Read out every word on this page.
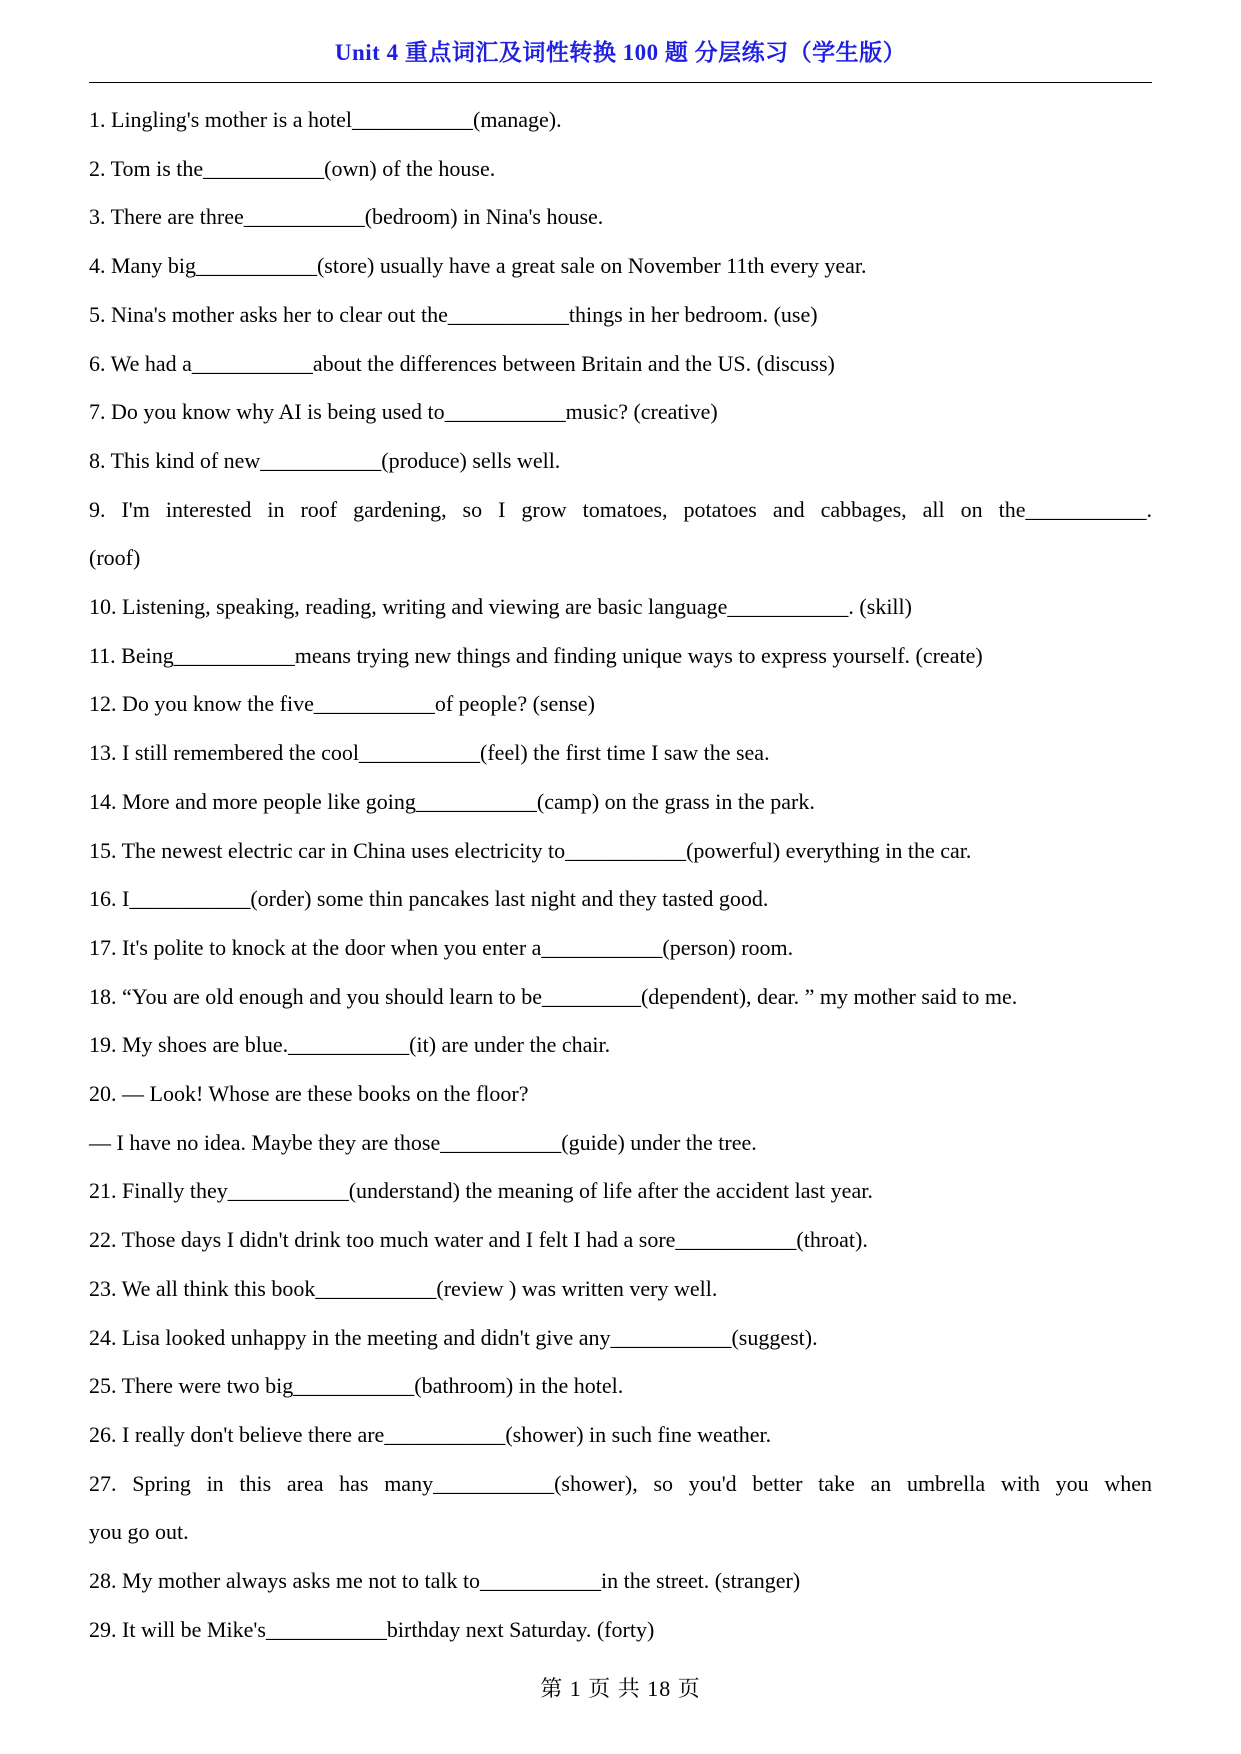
Unit 4 重点词汇及词性转换 100 题 分层练习（学生版）
1. Lingling's mother is a hotel___________(manage).
2. Tom is the___________(own) of the house.
3. There are three___________(bedroom) in Nina's house.
4. Many big___________(store) usually have a great sale on November 11th every year.
5. Nina's mother asks her to clear out the___________things in her bedroom. (use)
6. We had a___________about the differences between Britain and the US. (discuss)
7. Do you know why AI is being used to___________music? (creative)
8. This kind of new___________(produce) sells well.
9. I'm interested in roof gardening, so I grow tomatoes, potatoes and cabbages, all on the___________.
(roof)
10. Listening, speaking, reading, writing and viewing are basic language___________. (skill)
11. Being___________means trying new things and finding unique ways to express yourself. (create)
12. Do you know the five___________of people? (sense)
13. I still remembered the cool___________(feel) the first time I saw the sea.
14. More and more people like going___________(camp) on the grass in the park.
15. The newest electric car in China uses electricity to___________(powerful) everything in the car.
16. I___________(order) some thin pancakes last night and they tasted good.
17. It's polite to knock at the door when you enter a___________(person) room.
18. “You are old enough and you should learn to be_________(dependent), dear. ” my mother said to me.
19. My shoes are blue.___________(it) are under the chair.
20. — Look! Whose are these books on the floor?
— I have no idea. Maybe they are those___________(guide) under the tree.
21. Finally they___________(understand) the meaning of life after the accident last year.
22. Those days I didn't drink too much water and I felt I had a sore___________(throat).
23. We all think this book___________(review ) was written very well.
24. Lisa looked unhappy in the meeting and didn't give any___________(suggest).
25. There were two big___________(bathroom) in the hotel.
26. I really don't believe there are___________(shower) in such fine weather.
27. Spring in this area has many___________(shower), so you'd better take an umbrella with you when
you go out.
28. My mother always asks me not to talk to___________in the street. (stranger)
29. It will be Mike's___________birthday next Saturday. (forty)
第 1 页 共 18 页
